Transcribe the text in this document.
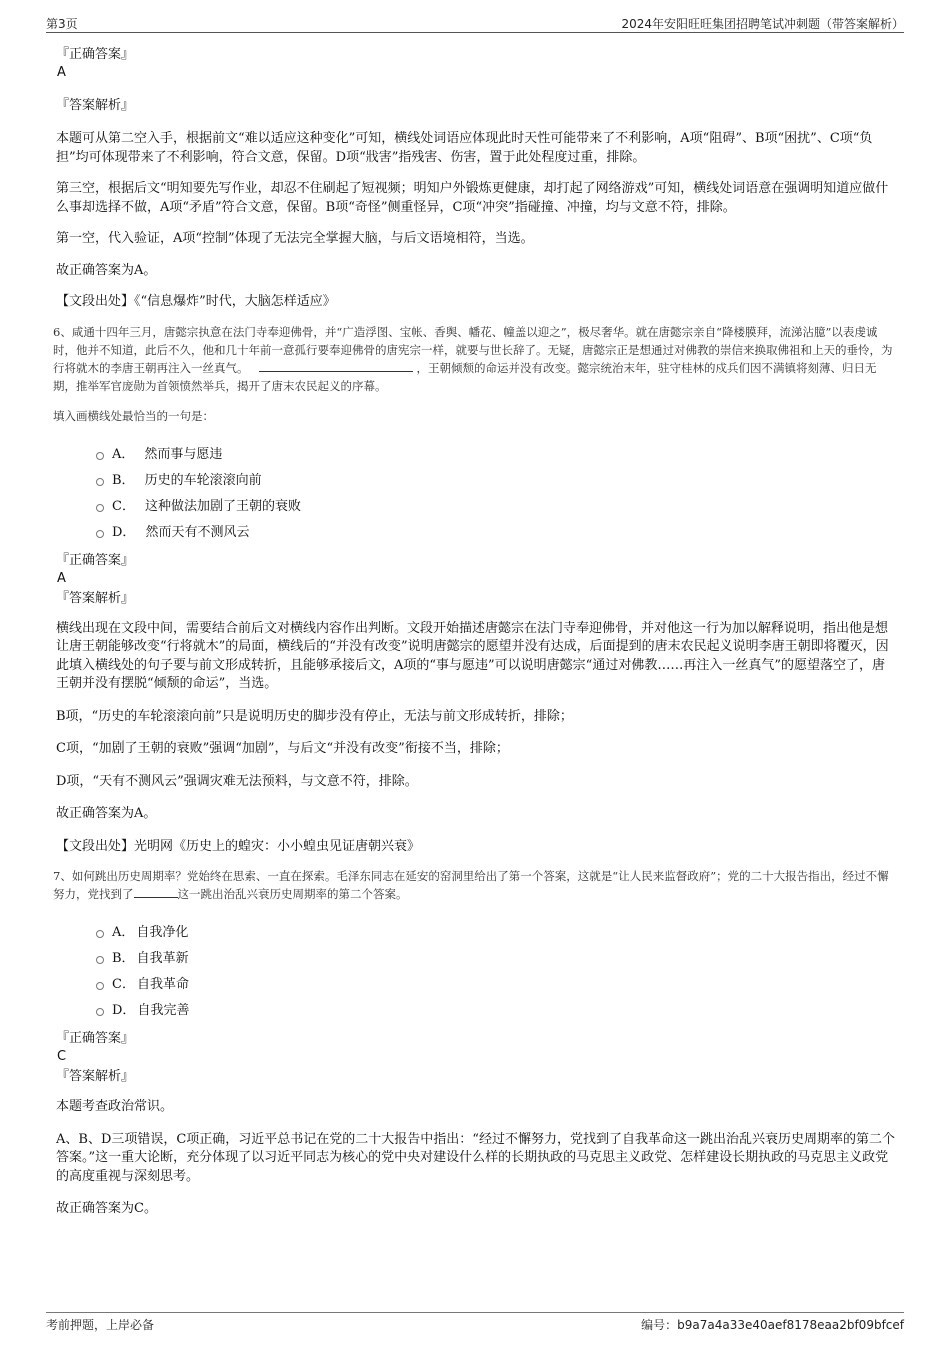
第3页	2024年安阳旺旺集团招聘笔试冲刺题（带答案解析）

『正确答案』

A

『答案解析』

本题可从第二空入手，根据前文“难以适应这种变化”可知，横线处词语应体现此时天性可能带来了不利影响，A项“阻碍”、B项“困扰”、C项“负担”均可体现带来了不利影响，符合文意，保留。D项“戕害”指残害、伤害，置于此处程度过重，排除。

第三空，根据后文“明知要先写作业，却忍不住刷起了短视频；明知户外锻炼更健康，却打起了网络游戏”可知，横线处词语意在强调明知道应做什么事却选择不做，A项“矛盾”符合文意，保留。B项“奇怪”侧重怪异，C项“冲突”指碰撞、冲撞，均与文意不符，排除。

第一空，代入验证，A项“控制”体现了无法完全掌握大脑，与后文语境相符，当选。

故正确答案为A。

【文段出处】《“信息爆炸”时代，大脑怎样适应》

6、咸通十四年三月，唐懿宗执意在法门寺奉迎佛骨，并“广造浮图、宝帐、香舆、幡花、幢盖以迎之”，极尽奢华。就在唐懿宗亲自“降楼膜拜，流涕沾臆”以表虔诚时，他并不知道，此后不久，他和几十年前一意孤行要奉迎佛骨的唐宪宗一样，就要与世长辞了。无疑，唐懿宗正是想通过对佛教的崇信来换取佛祖和上天的垂怜，为行将就木的李唐王朝再注入一丝真气。	，王朝倾颓的命运并没有改变。懿宗统治末年，驻守桂林的戍兵们因不满镇将刻薄、归日无期，推举军官庞勋为首领愤然举兵，揭开了唐末农民起义的序幕。

填入画横线处最恰当的一句是：

A． 然而事与愿违
B． 历史的车轮滚滚向前
C． 这种做法加剧了王朝的衰败
D． 然而天有不测风云

『正确答案』

A

『答案解析』

横线出现在文段中间，需要结合前后文对横线内容作出判断。文段开始描述唐懿宗在法门寺奉迎佛骨，并对他这一行为加以解释说明，指出他是想让唐王朝能够改变“行将就木”的局面，横线后的“并没有改变”说明唐懿宗的愿望并没有达成，后面提到的唐末农民起义说明李唐王朝即将覆灭，因此填入横线处的句子要与前文形成转折，且能够承接后文，A项的“事与愿违”可以说明唐懿宗“通过对佛教……再注入一丝真气”的愿望落空了，唐王朝并没有摆脱“倾颓的命运”，当选。

B项，“历史的车轮滚滚向前”只是说明历史的脚步没有停止，无法与前文形成转折，排除；

C项，“加剧了王朝的衰败”强调“加剧”，与后文“并没有改变”衔接不当，排除；

D项，“天有不测风云”强调灾难无法预料，与文意不符，排除。

故正确答案为A。

【文段出处】光明网《历史上的蝗灾：小小蝗虫见证唐朝兴衰》

7、如何跳出历史周期率？党始终在思索、一直在探索。毛泽东同志在延安的窑洞里给出了第一个答案，这就是“让人民来监督政府”；党的二十大报告指出，经过不懈努力，党找到了	这一跳出治乱兴衰历史周期率的第二个答案。

A． 自我净化
B． 自我革新
C． 自我革命
D． 自我完善

『正确答案』

C

『答案解析』

本题考查政治常识。

A、B、D三项错误，C项正确，习近平总书记在党的二十大报告中指出：“经过不懈努力，党找到了自我革命这一跳出治乱兴衰历史周期率的第二个答案。”这一重大论断，充分体现了以习近平同志为核心的党中央对建设什么样的长期执政的马克思主义政党、怎样建设长期执政的马克思主义政党的高度重视与深刻思考。

故正确答案为C。

考前押题，上岸必备	编号：b9a7a4a33e40aef8178eaa2bf09bfcef
